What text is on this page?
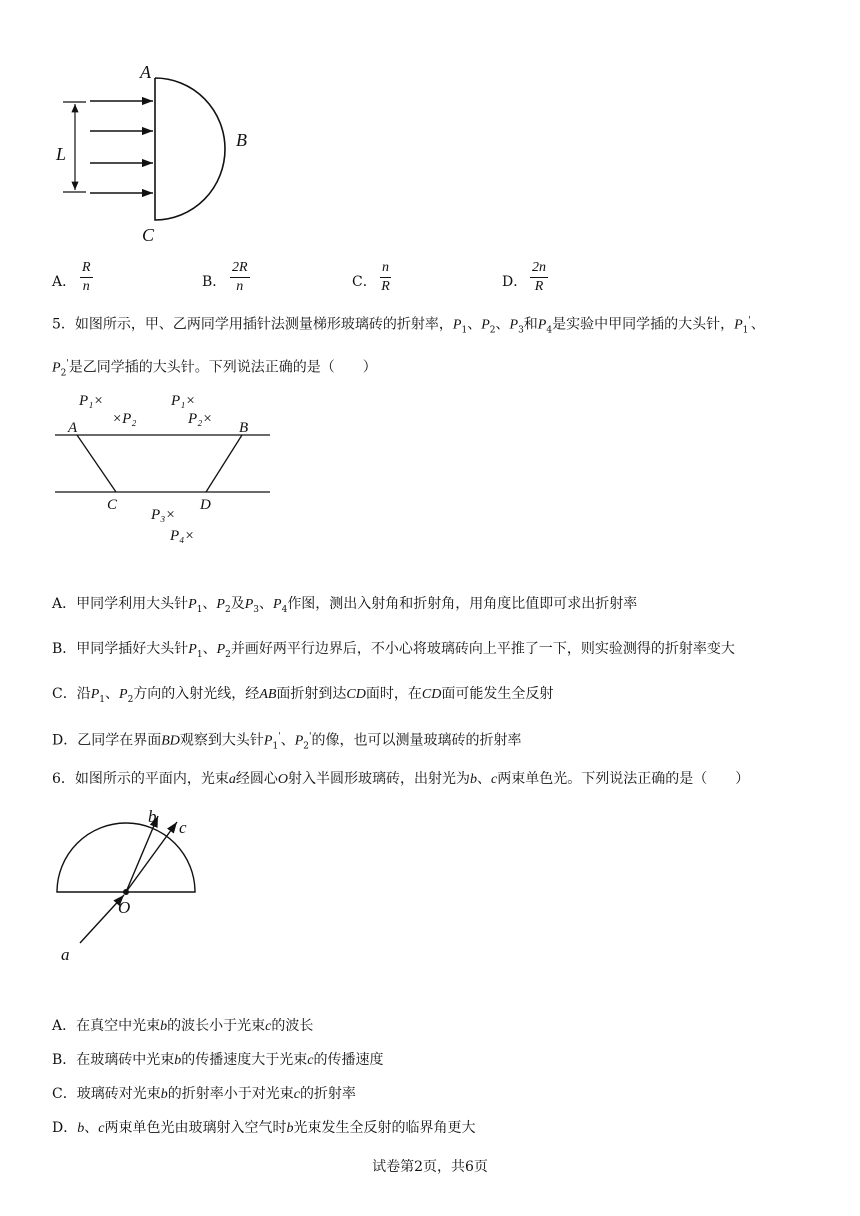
A
B
C
L
A． $\frac{R}{n}$	B． $\frac{2R}{n}$	C． $\frac{n}{R}$	D． $\frac{2n}{R}$
5．如图所示，甲、乙两同学用插针法测量梯形玻璃砖的折射率，$P_1$、$P_2$、$P_3$和$P_4$是实验中甲同学插的大头针，$P_1'$、
$P_2'$是乙同学插的大头针。下列说法正确的是（　　）
P₁×
×P₂
P₁×
P₂×
A	B
C	D
P₃×
P₄×
A．甲同学利用大头针$P_1$、$P_2$及$P_3$、$P_4$作图，测出入射角和折射角，用角度比值即可求出折射率
B．甲同学插好大头针$P_1$、$P_2$并画好两平行边界后，不小心将玻璃砖向上平推了一下，则实验测得的折射率变大
C．沿$P_1$、$P_2$方向的入射光线，经AB面折射到达CD面时，在CD面可能发生全反射
D．乙同学在界面BD观察到大头针$P_1'$、$P_2'$的像，也可以测量玻璃砖的折射率
6．如图所示的平面内，光束a经圆心O射入半圆形玻璃砖，出射光为b、c两束单色光。下列说法正确的是（　　）
b
c
O
a
A．在真空中光束b的波长小于光束c的波长
B．在玻璃砖中光束b的传播速度大于光束c的传播速度
C．玻璃砖对光束b的折射率小于对光束c的折射率
D．b、c两束单色光由玻璃射入空气时b光束发生全反射的临界角更大
试卷第2页，共6页
